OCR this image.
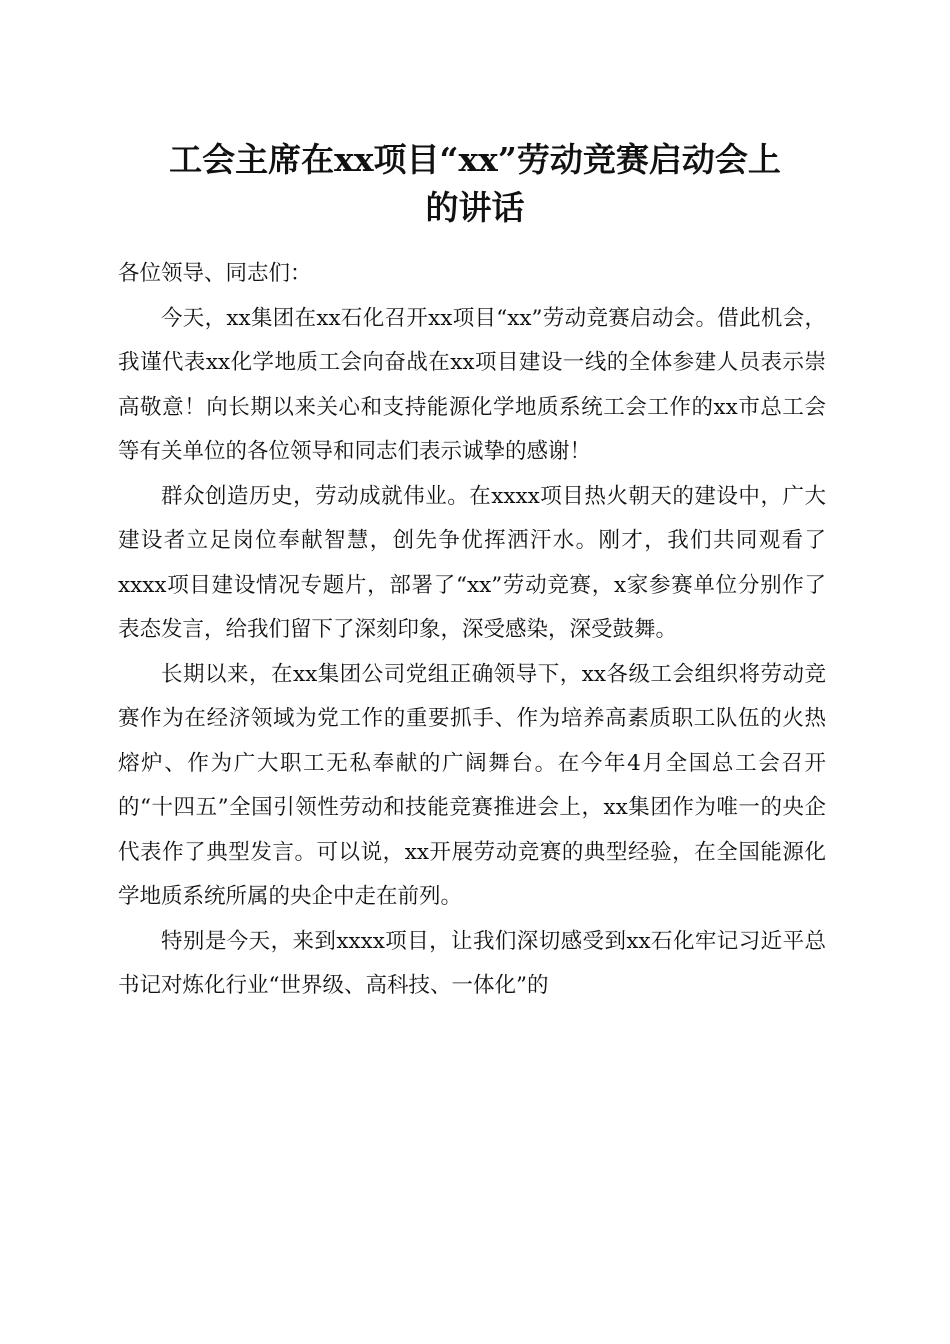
工会主席在xx项目“xx”劳动竞赛启动会上
的讲话

各位领导、同志们：

今天，xx集团在xx石化召开xx项目“xx”劳动竞赛启动会。借此机会，我谨代表xx化学地质工会向奋战在xx项目建设一线的全体参建人员表示崇高敬意！向长期以来关心和支持能源化学地质系统工会工作的xx市总工会等有关单位的各位领导和同志们表示诚挚的感谢！

群众创造历史，劳动成就伟业。在xxxx项目热火朝天的建设中，广大建设者立足岗位奉献智慧，创先争优挥洒汗水。刚才，我们共同观看了xxxx项目建设情况专题片，部署了“xx”劳动竞赛，x家参赛单位分别作了表态发言，给我们留下了深刻印象，深受感染，深受鼓舞。

长期以来，在xx集团公司党组正确领导下，xx各级工会组织将劳动竞赛作为在经济领域为党工作的重要抓手、作为培养高素质职工队伍的火热熔炉、作为广大职工无私奉献的广阔舞台。在今年4月全国总工会召开的“十四五”全国引领性劳动和技能竞赛推进会上，xx集团作为唯一的央企代表作了典型发言。可以说，xx开展劳动竞赛的典型经验，在全国能源化学地质系统所属的央企中走在前列。

特别是今天，来到xxxx项目，让我们深切感受到xx石化牢记习近平总书记对炼化行业“世界级、高科技、一体化”的
